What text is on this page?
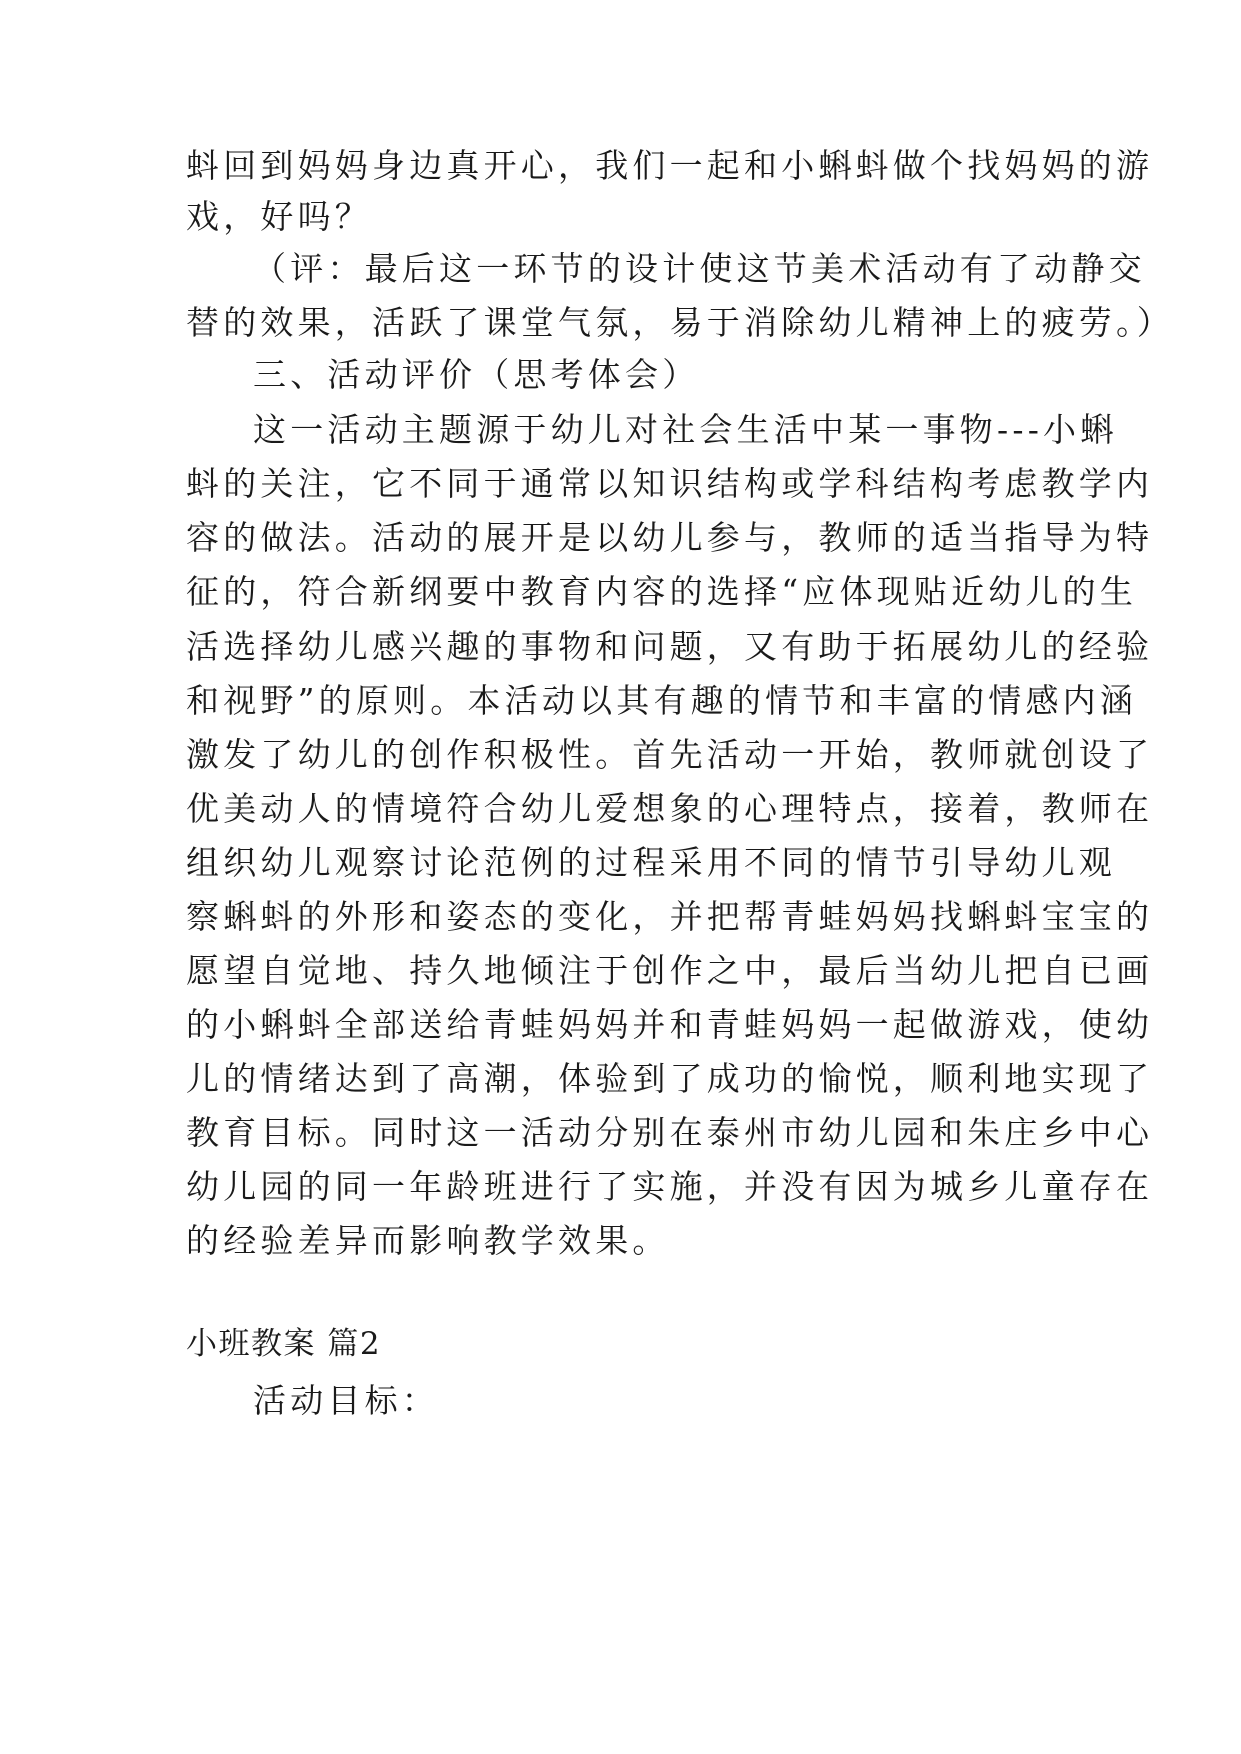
蚪回到妈妈身边真开心，我们一起和小蝌蚪做个找妈妈的游
戏，好吗？
（评：最后这一环节的设计使这节美术活动有了动静交
替的效果，活跃了课堂气氛，易于消除幼儿精神上的疲劳。）
三、活动评价（思考体会）
这一活动主题源于幼儿对社会生活中某一事物---小蝌
蚪的关注，它不同于通常以知识结构或学科结构考虑教学内
容的做法。活动的展开是以幼儿参与，教师的适当指导为特
征的，符合新纲要中教育内容的选择“应体现贴近幼儿的生
活选择幼儿感兴趣的事物和问题，又有助于拓展幼儿的经验
和视野”的原则。本活动以其有趣的情节和丰富的情感内涵
激发了幼儿的创作积极性。首先活动一开始，教师就创设了
优美动人的情境符合幼儿爱想象的心理特点，接着，教师在
组织幼儿观察讨论范例的过程采用不同的情节引导幼儿观
察蝌蚪的外形和姿态的变化，并把帮青蛙妈妈找蝌蚪宝宝的
愿望自觉地、持久地倾注于创作之中，最后当幼儿把自已画
的小蝌蚪全部送给青蛙妈妈并和青蛙妈妈一起做游戏，使幼
儿的情绪达到了高潮，体验到了成功的愉悦，顺利地实现了
教育目标。同时这一活动分别在泰州市幼儿园和朱庄乡中心
幼儿园的同一年龄班进行了实施，并没有因为城乡儿童存在
的经验差异而影响教学效果。
小班教案 篇2
活动目标：
